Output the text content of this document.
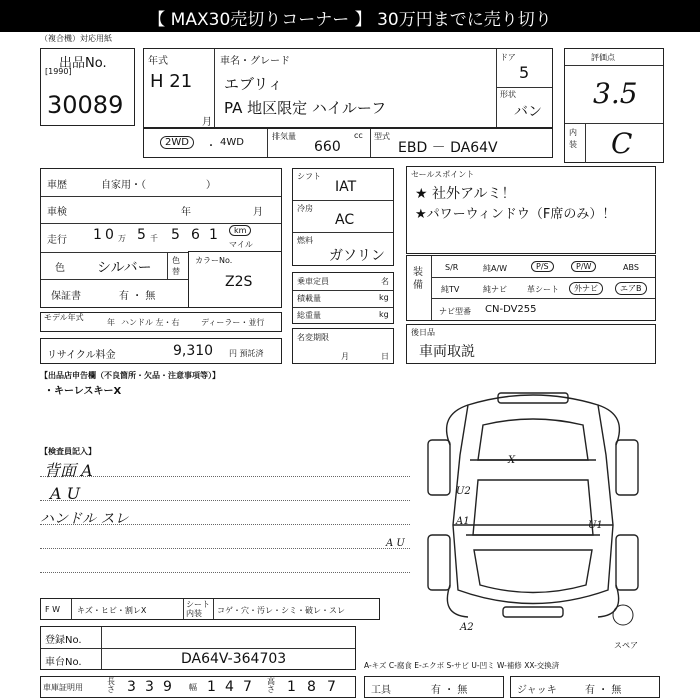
【 MAX30売切りコーナー 】 30万円までに売り切り
（複合機）対応用紙
出品No.
[1990]
30089
年式
H 21
月
車名・グレード
エブリィ
PA 地区限定 ハイルーフ
ドア
5
形状
バン
評価点
3.5
内装 C
2WD	・ 4WD
排気量	cc
660
型式
EBD － DA64V
車歴	自家用・（　　　　　　）
車検	年	月
走行 1 0 万 5 千 5 6 1	km
マイル
色 シルバー	色替
保証書	有 ・ 無
カラーNo.
Z2S
モデル年式
年 ハンドル 左・右	ディーラー・並行
リサイクル料金	9,310 円 預託済
シフト
IAT
冷房
AC
燃料
ガソリン
乗車定員	名
積載量	kg
総重量	kg
名変期限
月	日
セールスポイント
★ 社外アルミ！
★パワーウィンドウ（F席のみ）！
装備
S/R	純A/W	P/S	P/W	ABS
純TV	純ナビ	革シート	外ナビ	エアB
ナビ型番 CN-DV255
後日品
車両取説
【出品店申告欄（不良箇所・欠品・注意事項等）】
・キーレスキーX
【検査員記入】
背面 A
A U
ハンドル スレ
X
U2
A1	U1
A U
A2
スペア
F W キズ・ヒビ・割レX
シート内装	コゲ・穴・汚レ・シミ・破レ・スレ
登録No.
車台No.	DA64V-364703	A-キズ C-腐食 E-エクボ S-サビ U-凹ミ W-補修 XX-交換済
車庫証明用
長さ 3 3 9 幅 1 4 7 高さ 1 8 7	工具	有 ・ 無	ジャッキ	有 ・ 無
